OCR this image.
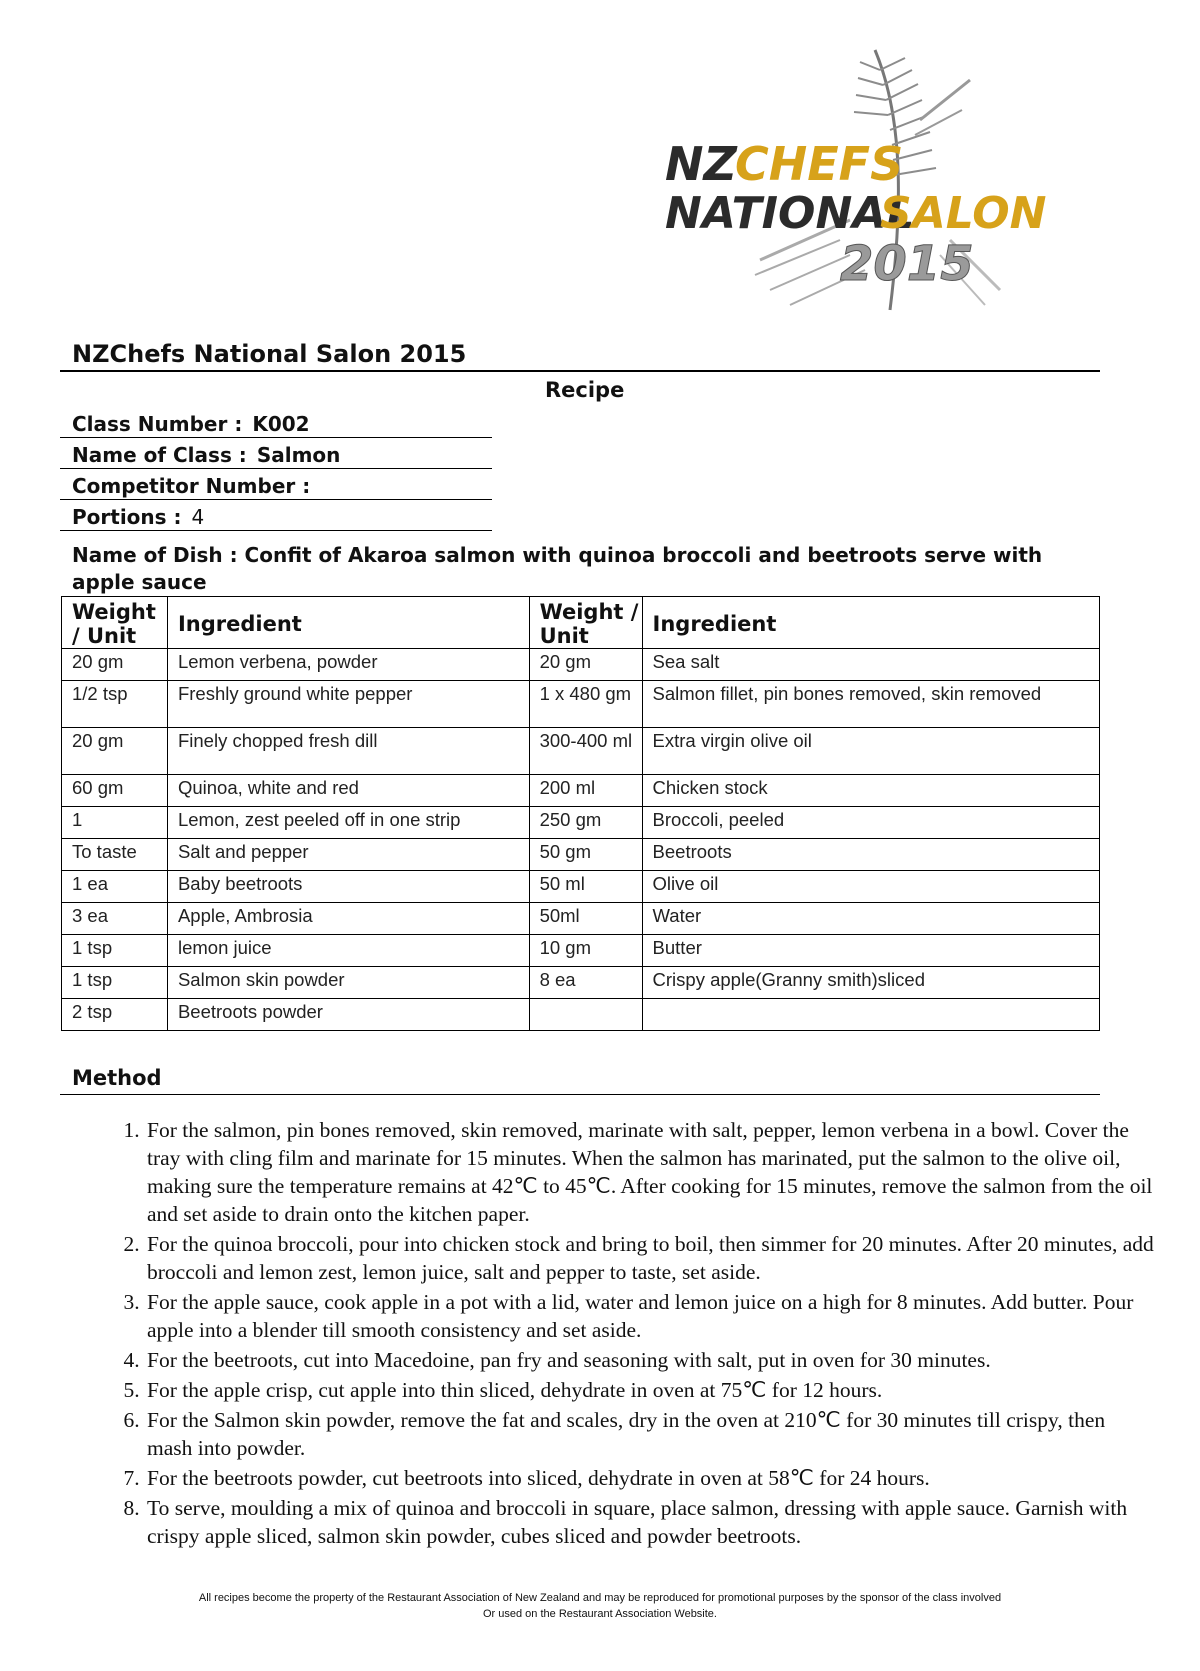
NZ
CHEFS
NATIONAL
SALON
2015
NZChefs National Salon 2015
Recipe
Class Number : K002
Name of Class : Salmon
Competitor Number :
Portions : 4
Name of Dish : Confit of Akaroa salmon with quinoa broccoli and beetroots serve with apple sauce
Weight / Unit	Ingredient	Weight / Unit	Ingredient
20 gm	Lemon verbena, powder	20 gm	Sea salt
1/2 tsp	Freshly ground white pepper	1 x 480 gm	Salmon fillet, pin bones removed, skin removed
20 gm	Finely chopped fresh dill	300-400 ml	Extra virgin olive oil
60 gm	Quinoa, white and red	200 ml	Chicken stock
1	Lemon, zest peeled off in one strip	250 gm	Broccoli, peeled
To taste	Salt and pepper	50 gm	Beetroots
1 ea	Baby beetroots	50 ml	Olive oil
3 ea	Apple, Ambrosia	50ml	Water
1 tsp	lemon juice	10 gm	Butter
1 tsp	Salmon skin powder	8 ea	Crispy apple(Granny smith)sliced
2 tsp	Beetroots powder		
Method
1. For the salmon, pin bones removed, skin removed, marinate with salt, pepper, lemon verbena in a bowl. Cover the tray with cling film and marinate for 15 minutes. When the salmon has marinated, put the salmon to the olive oil, making sure the temperature remains at 42℃ to 45℃. After cooking for 15 minutes, remove the salmon from the oil and set aside to drain onto the kitchen paper.
2. For the quinoa broccoli, pour into chicken stock and bring to boil, then simmer for 20 minutes. After 20 minutes, add broccoli and lemon zest, lemon juice, salt and pepper to taste, set aside.
3. For the apple sauce, cook apple in a pot with a lid, water and lemon juice on a high for 8 minutes. Add butter. Pour apple into a blender till smooth consistency and set aside.
4. For the beetroots, cut into Macedoine, pan fry and seasoning with salt, put in oven for 30 minutes.
5. For the apple crisp, cut apple into thin sliced, dehydrate in oven at 75℃ for 12 hours.
6. For the Salmon skin powder, remove the fat and scales, dry in the oven at 210℃ for 30 minutes till crispy, then mash into powder.
7. For the beetroots powder, cut beetroots into sliced, dehydrate in oven at 58℃ for 24 hours.
8. To serve, moulding a mix of quinoa and broccoli in square, place salmon, dressing with apple sauce. Garnish with crispy apple sliced, salmon skin powder, cubes sliced and powder beetroots.
All recipes become the property of the Restaurant Association of New Zealand and may be reproduced for promotional purposes by the sponsor of the class involved
Or used on the Restaurant Association Website.
